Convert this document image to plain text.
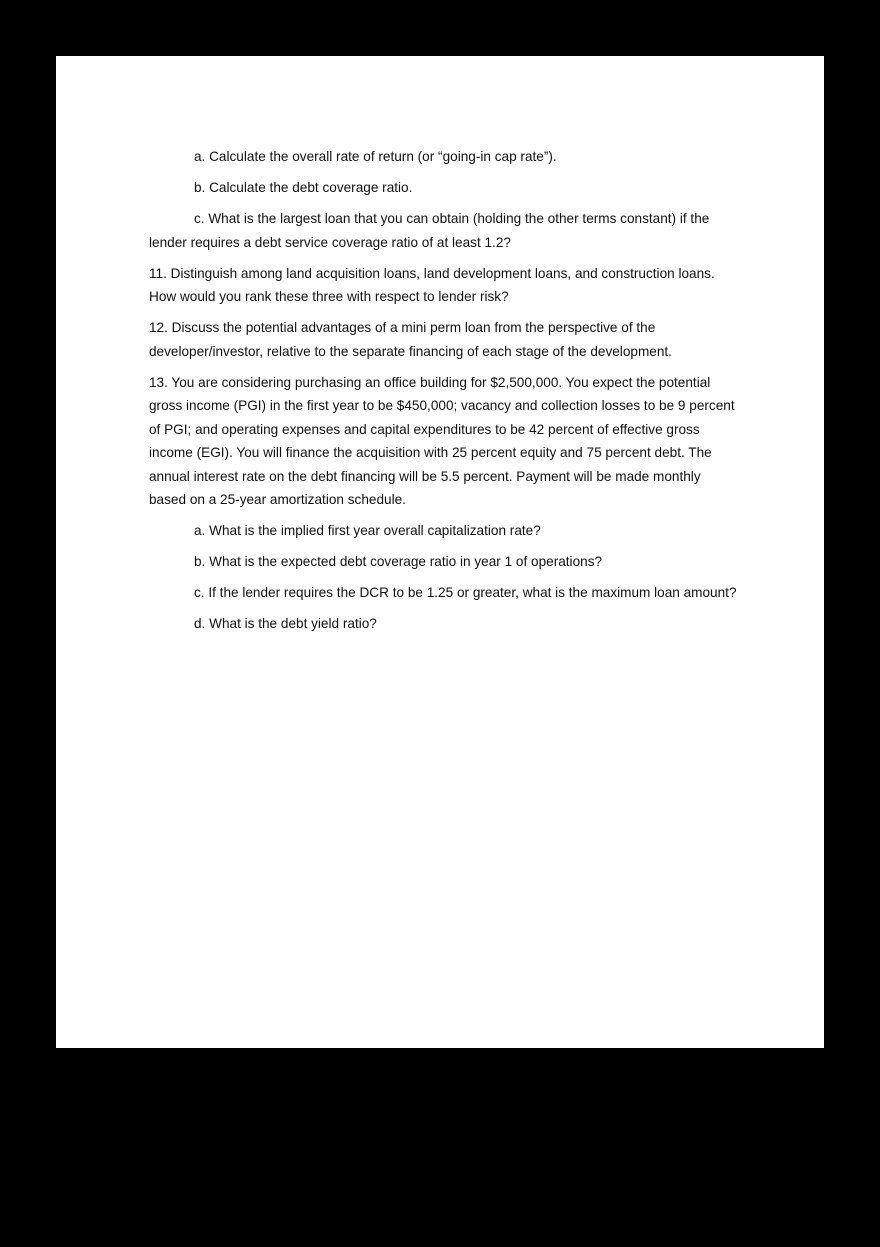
a. Calculate the overall rate of return (or “going-in cap rate”).

b. Calculate the debt coverage ratio.

c. What is the largest loan that you can obtain (holding the other terms constant) if the lender requires a debt service coverage ratio of at least 1.2?

11. Distinguish among land acquisition loans, land development loans, and construction loans. How would you rank these three with respect to lender risk?

12. Discuss the potential advantages of a mini perm loan from the perspective of the developer/investor, relative to the separate financing of each stage of the development.

13. You are considering purchasing an office building for $2,500,000. You expect the potential gross income (PGI) in the first year to be $450,000; vacancy and collection losses to be 9 percent of PGI; and operating expenses and capital expenditures to be 42 percent of effective gross income (EGI). You will finance the acquisition with 25 percent equity and 75 percent debt. The annual interest rate on the debt financing will be 5.5 percent. Payment will be made monthly based on a 25-year amortization schedule.

a. What is the implied first year overall capitalization rate?

b. What is the expected debt coverage ratio in year 1 of operations?

c. If the lender requires the DCR to be 1.25 or greater, what is the maximum loan amount?

d. What is the debt yield ratio?
